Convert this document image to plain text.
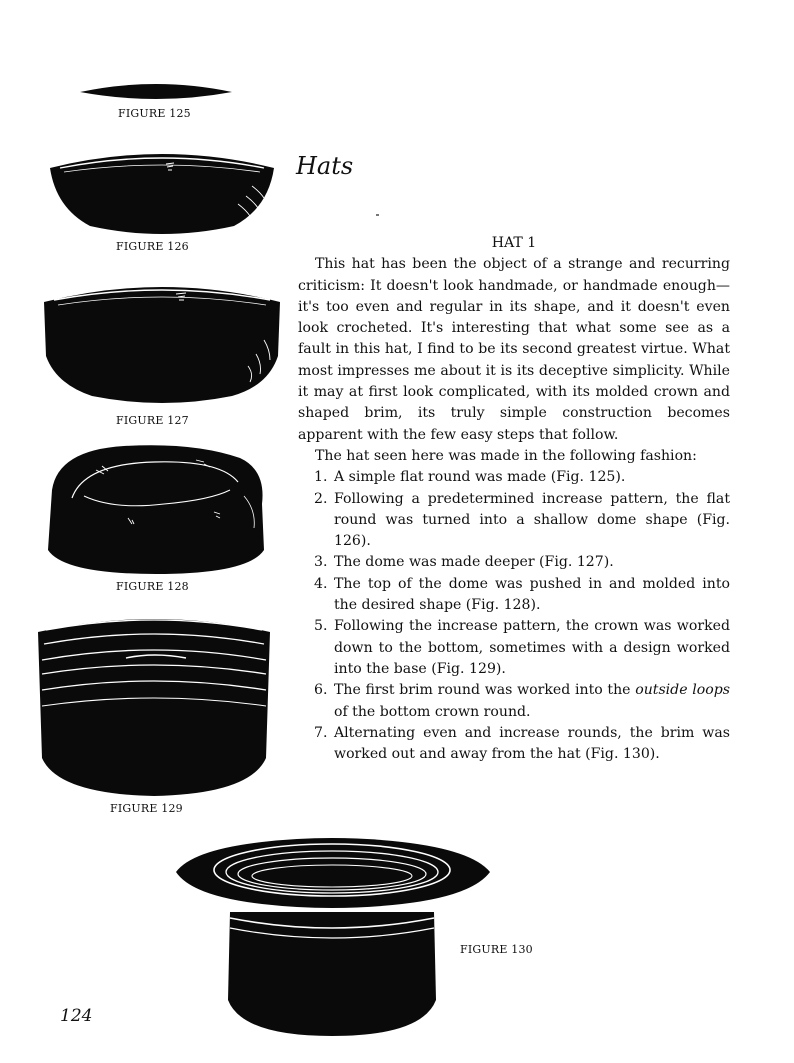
FIGURE 125
FIGURE 126
FIGURE 127
FIGURE 128
FIGURE 129
Hats
HAT 1
This hat has been the object of a strange and recurring criticism: It doesn't look handmade, or handmade enough—it's too even and regular in its shape, and it doesn't even look crocheted. It's interesting that what some see as a fault in this hat, I find to be its second greatest virtue. What most impresses me about it is its deceptive simplicity. While it may at first look complicated, with its molded crown and shaped brim, its truly simple construction becomes apparent with the few easy steps that follow.
The hat seen here was made in the following fashion:
1. A simple flat round was made (Fig. 125).
2. Following a predetermined increase pattern, the flat round was turned into a shallow dome shape (Fig. 126).
3. The dome was made deeper (Fig. 127).
4. The top of the dome was pushed in and molded into the desired shape (Fig. 128).
5. Following the increase pattern, the crown was worked down to the bottom, sometimes with a design worked into the base (Fig. 129).
6. The first brim round was worked into the outside loops of the bottom crown round.
7. Alternating even and increase rounds, the brim was worked out and away from the hat (Fig. 130).
FIGURE 130
124
